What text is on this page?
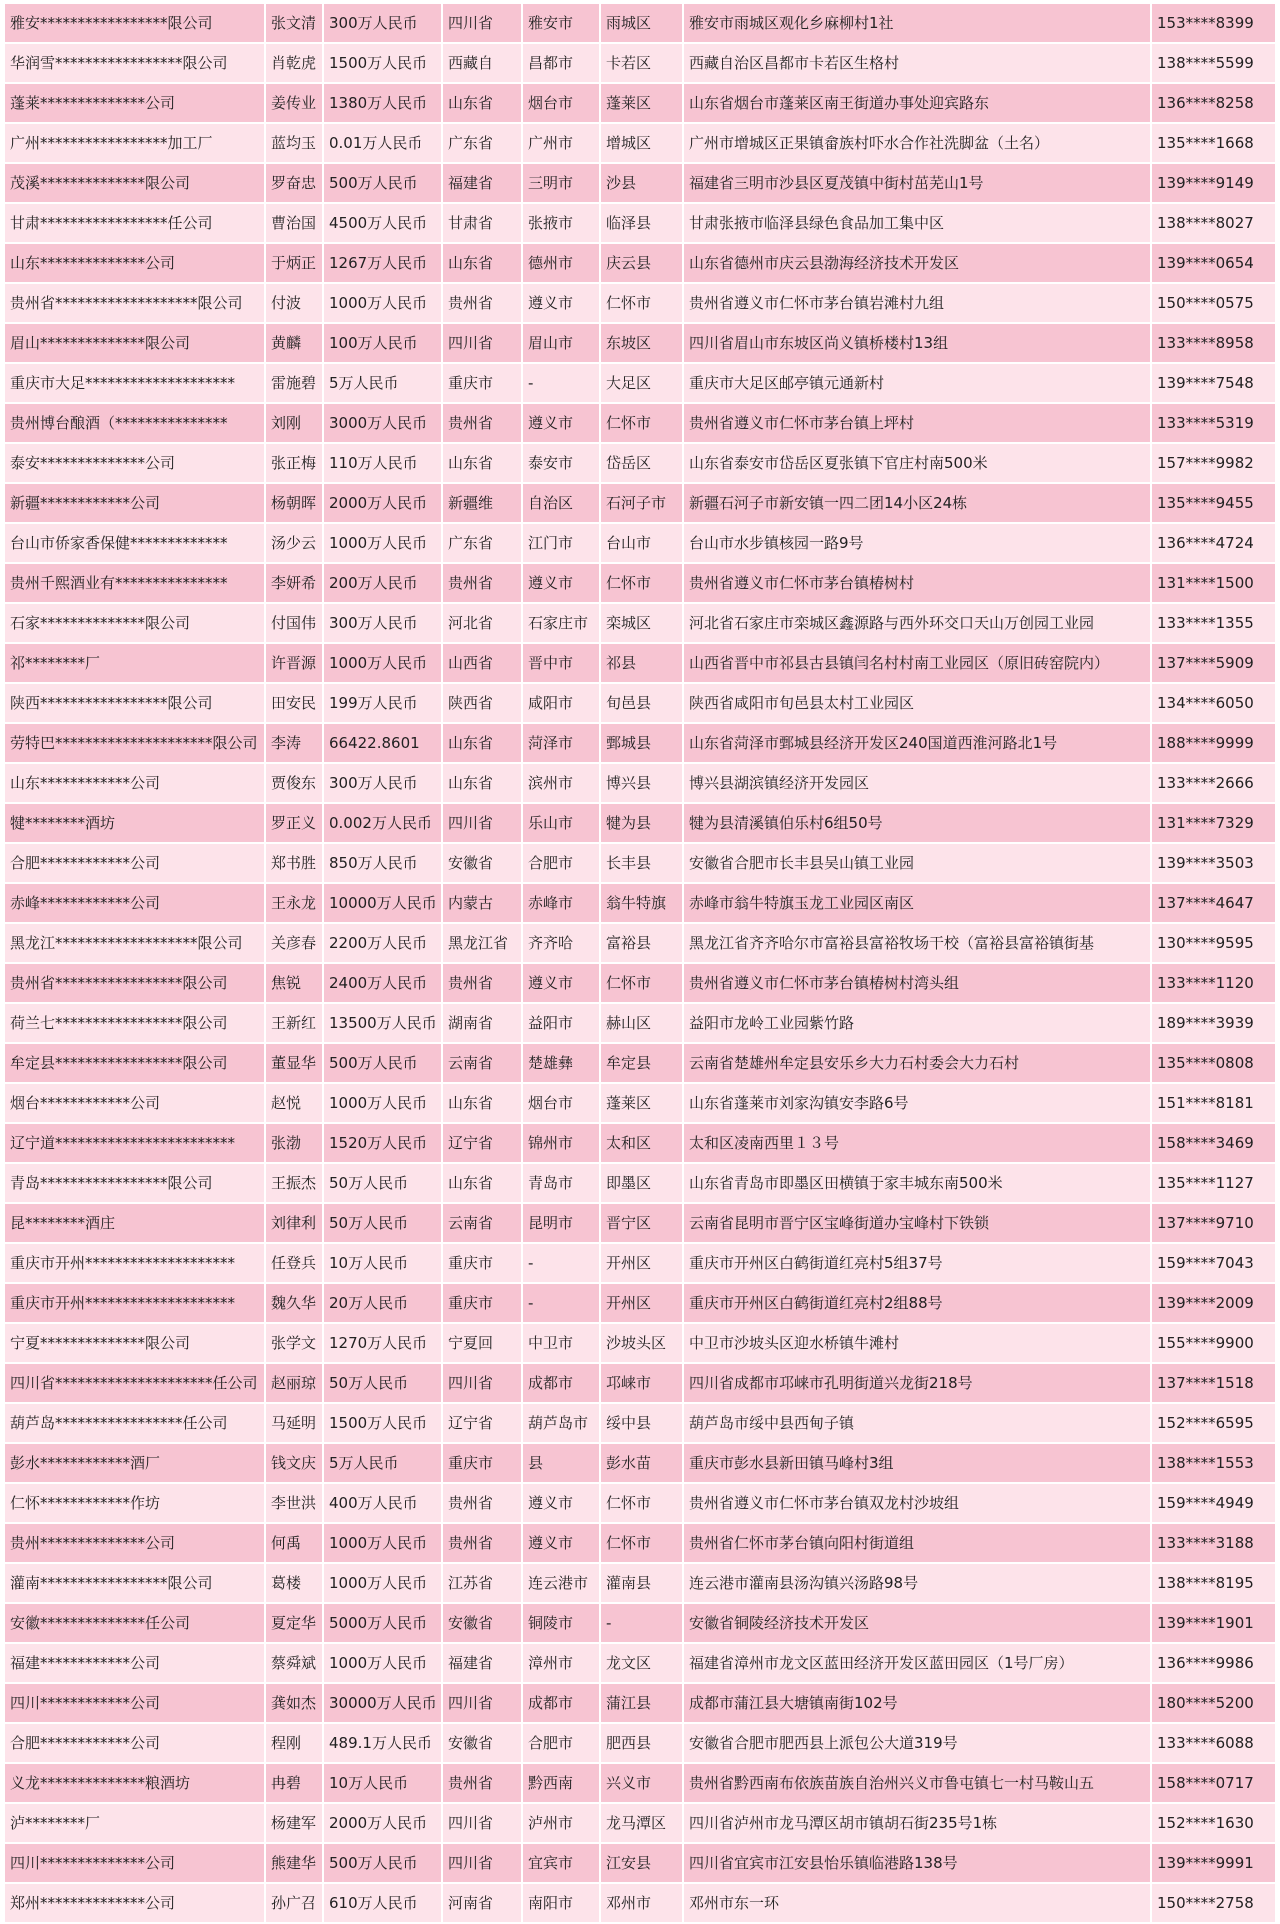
雅安*****************限公司	张文清 300万人民币	四川省	雅安市	雨城区	雅安市雨城区观化乡麻柳村1社	153****8399
华润雪*****************限公司	肖乾虎 1500万人民币	西藏自	昌都市	卡若区	西藏自治区昌都市卡若区生格村	138****5599
蓬莱**************公司	姜传业 1380万人民币	山东省	烟台市	蓬莱区	山东省烟台市蓬莱区南王街道办事处迎宾路东	136****8258
广州*****************加工厂	蓝均玉 0.01万人民币	广东省	广州市	增城区	广州市增城区正果镇畲族村吓水合作社洗脚盆（土名）	135****1668
茂溪**************限公司	罗奋忠 500万人民币	福建省	三明市	沙县	福建省三明市沙县区夏茂镇中街村茁芜山1号	139****9149
甘肃*****************任公司	曹治国 4500万人民币	甘肃省	张掖市	临泽县	甘肃张掖市临泽县绿色食品加工集中区	138****8027
山东**************公司	于炳正 1267万人民币	山东省	德州市	庆云县	山东省德州市庆云县渤海经济技术开发区	139****0654
贵州省*******************限公司	付波	1000万人民币	贵州省	遵义市	仁怀市	贵州省遵义市仁怀市茅台镇岩滩村九组	150****0575
眉山**************限公司	黄麟	100万人民币	四川省	眉山市	东坡区	四川省眉山市东坡区尚义镇桥楼村13组	133****8958
重庆市大足********************	雷施碧 5万人民币	重庆市	-	大足区	重庆市大足区邮亭镇元通新村	139****7548
贵州博台酿酒（***************	刘刚	3000万人民币	贵州省	遵义市	仁怀市	贵州省遵义市仁怀市茅台镇上坪村	133****5319
泰安**************公司	张正梅 110万人民币	山东省	泰安市	岱岳区	山东省泰安市岱岳区夏张镇下官庄村南500米	157****9982
新疆************公司	杨朝晖 2000万人民币	新疆维	自治区	石河子市	新疆石河子市新安镇一四二团14小区24栋	135****9455
台山市侨家香保健*************	汤少云 1000万人民币	广东省	江门市	台山市	台山市水步镇核园一路9号	136****4724
贵州千熙酒业有***************	李妍希 200万人民币	贵州省	遵义市	仁怀市	贵州省遵义市仁怀市茅台镇椿树村	131****1500
石家**************限公司	付国伟 300万人民币	河北省	石家庄市	栾城区	河北省石家庄市栾城区鑫源路与西外环交口天山万创园工业园	133****1355
祁********厂	许晋源 1000万人民币	山西省	晋中市	祁县	山西省晋中市祁县古县镇闫名村村南工业园区（原旧砖窑院内）	137****5909
陕西*****************限公司	田安民 199万人民币	陕西省	咸阳市	旬邑县	陕西省咸阳市旬邑县太村工业园区	134****6050
劳特巴*********************限公司 李涛	66422.8601	山东省	菏泽市	鄄城县	山东省菏泽市鄄城县经济开发区240国道西淮河路北1号	188****9999
山东************公司	贾俊东 300万人民币	山东省	滨州市	博兴县	博兴县湖滨镇经济开发园区	133****2666
犍********酒坊	罗正义 0.002万人民币	四川省	乐山市	犍为县	犍为县清溪镇伯乐村6组50号	131****7329
合肥************公司	郑书胜 850万人民币	安徽省	合肥市	长丰县	安徽省合肥市长丰县吴山镇工业园	139****3503
赤峰************公司	王永龙 10000万人民币 内蒙古	赤峰市	翁牛特旗	赤峰市翁牛特旗玉龙工业园区南区	137****4647
黑龙江*******************限公司	关彦春 2200万人民币	黑龙江省	齐齐哈	富裕县	黑龙江省齐齐哈尔市富裕县富裕牧场干校（富裕县富裕镇街基	130****9595
贵州省*****************限公司	焦锐	2400万人民币	贵州省	遵义市	仁怀市	贵州省遵义市仁怀市茅台镇椿树村湾头组	133****1120
荷兰七*****************限公司	王新红 13500万人民币 湖南省	益阳市	赫山区	益阳市龙岭工业园紫竹路	189****3939
牟定县*****************限公司	董显华 500万人民币	云南省	楚雄彝	牟定县	云南省楚雄州牟定县安乐乡大力石村委会大力石村	135****0808
烟台************公司	赵悦	1000万人民币	山东省	烟台市	蓬莱区	山东省蓬莱市刘家沟镇安李路6号	151****8181
辽宁道************************	张渤	1520万人民币	辽宁省	锦州市	太和区	太和区凌南西里１３号	158****3469
青岛*****************限公司	王振杰 50万人民币	山东省	青岛市	即墨区	山东省青岛市即墨区田横镇于家丰城东南500米	135****1127
昆********酒庄	刘律利 50万人民币	云南省	昆明市	晋宁区	云南省昆明市晋宁区宝峰街道办宝峰村下铁锁	137****9710
重庆市开州********************	任登兵 10万人民币	重庆市	-	开州区	重庆市开州区白鹤街道红亮村5组37号	159****7043
重庆市开州********************	魏久华 20万人民币	重庆市	-	开州区	重庆市开州区白鹤街道红亮村2组88号	139****2009
宁夏**************限公司	张学文 1270万人民币	宁夏回	中卫市	沙坡头区	中卫市沙坡头区迎水桥镇牛滩村	155****9900
四川省*********************任公司 赵丽琼 50万人民币	四川省	成都市	邛崃市	四川省成都市邛崃市孔明街道兴龙街218号	137****1518
葫芦岛*****************任公司	马延明 1500万人民币	辽宁省	葫芦岛市	绥中县	葫芦岛市绥中县西甸子镇	152****6595
彭水************酒厂	钱文庆 5万人民币	重庆市	县	彭水苗	重庆市彭水县新田镇马峰村3组	138****1553
仁怀************作坊	李世洪 400万人民币	贵州省	遵义市	仁怀市	贵州省遵义市仁怀市茅台镇双龙村沙坡组	159****4949
贵州**************公司	何禹	1000万人民币	贵州省	遵义市	仁怀市	贵州省仁怀市茅台镇向阳村街道组	133****3188
灌南*****************限公司	葛楼	1000万人民币	江苏省	连云港市	灌南县	连云港市灌南县汤沟镇兴汤路98号	138****8195
安徽**************任公司	夏定华 5000万人民币	安徽省	铜陵市	-	安徽省铜陵经济技术开发区	139****1901
福建************公司	蔡舜斌 1000万人民币	福建省	漳州市	龙文区	福建省漳州市龙文区蓝田经济开发区蓝田园区（1号厂房）	136****9986
四川************公司	龚如杰 30000万人民币 四川省	成都市	蒲江县	成都市蒲江县大塘镇南街102号	180****5200
合肥************公司	程刚	489.1万人民币	安徽省	合肥市	肥西县	安徽省合肥市肥西县上派包公大道319号	133****6088
义龙**************粮酒坊	冉碧	10万人民币	贵州省	黔西南	兴义市	贵州省黔西南布依族苗族自治州兴义市鲁屯镇七一村马鞍山五	158****0717
泸********厂	杨建军 2000万人民币	四川省	泸州市	龙马潭区	四川省泸州市龙马潭区胡市镇胡石街235号1栋	152****1630
四川**************公司	熊建华 500万人民币	四川省	宜宾市	江安县	四川省宜宾市江安县怡乐镇临港路138号	139****9991
郑州**************公司	孙广召 610万人民币	河南省	南阳市	邓州市	邓州市东一环	150****2758
